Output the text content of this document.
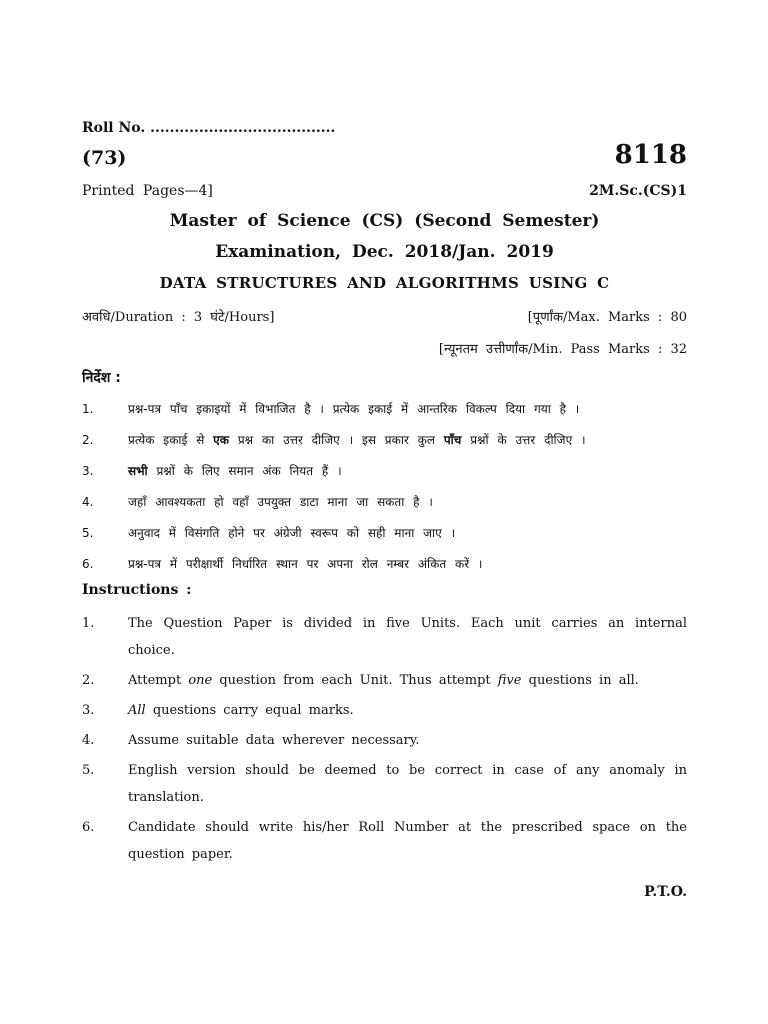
Roll No. ......................................
(73)	8118
Printed Pages—4]	2M.Sc.(CS)1
Master of Science (CS) (Second Semester)
Examination, Dec. 2018/Jan. 2019
DATA STRUCTURES AND ALGORITHMS USING C
अवधि/Duration : 3 घंटे/Hours]	[पूर्णांक/Max. Marks : 80
[न्यूनतम उत्तीर्णांक/Min. Pass Marks : 32
निर्देश :
1.	प्रश्न-पत्र पाँच इकाइयों में विभाजित है । प्रत्येक इकाई में आन्तरिक विकल्प दिया गया है ।
2.	प्रत्येक इकाई से एक प्रश्न का उत्तर दीजिए । इस प्रकार कुल पाँच प्रश्नों के उत्तर दीजिए ।
3.	सभी प्रश्नों के लिए समान अंक नियत हैं ।
4.	जहाँ आवश्यकता हो वहाँ उपयुक्त डाटा माना जा सकता है ।
5.	अनुवाद में विसंगति होने पर अंग्रेजी स्वरूप को सही माना जाए ।
6.	प्रश्न-पत्र में परीक्षार्थी निर्धारित स्थान पर अपना रोल नम्बर अंकित करें ।
Instructions :
1.	The Question Paper is divided in five Units. Each unit carries an internal choice.
2.	Attempt one question from each Unit. Thus attempt five questions in all.
3.	All questions carry equal marks.
4.	Assume suitable data wherever necessary.
5.	English version should be deemed to be correct in case of any anomaly in translation.
6.	Candidate should write his/her Roll Number at the prescribed space on the question paper.
P.T.O.
